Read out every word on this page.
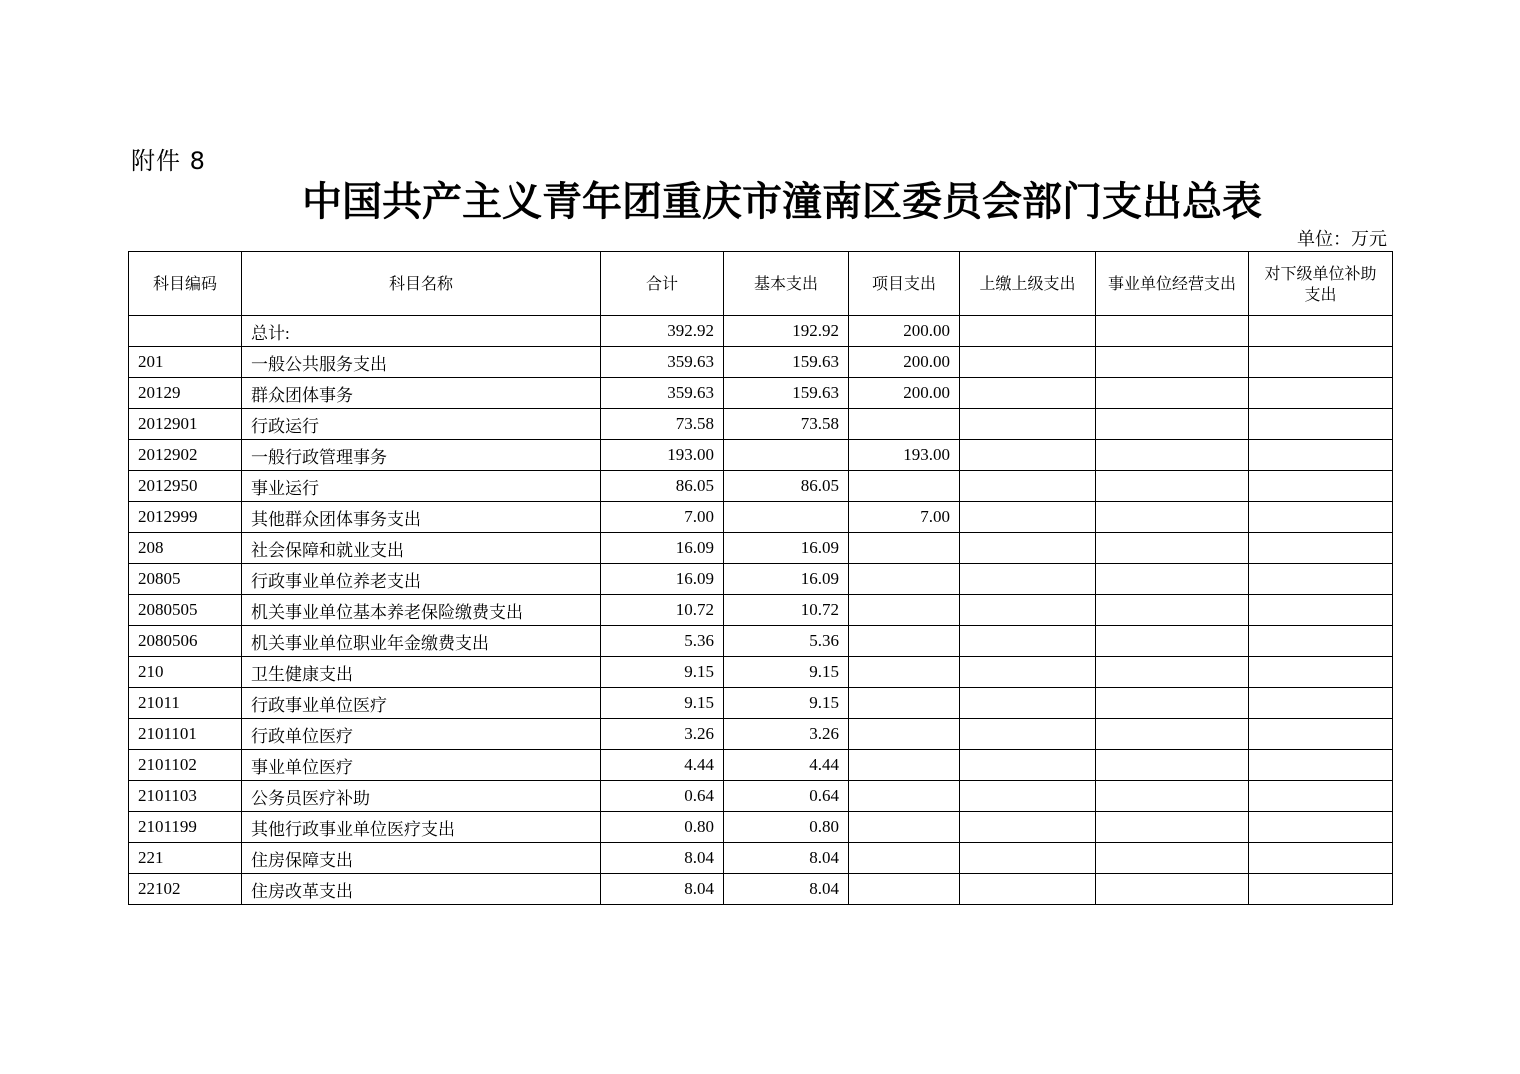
附件 8
中国共产主义青年团重庆市潼南区委员会部门支出总表
单位：万元
科目编码	科目名称	合计	基本支出	项目支出	上缴上级支出	事业单位经营支出	对下级单位补助支出
	总计:	392.92	192.92	200.00			
201	一般公共服务支出	359.63	159.63	200.00			
20129	群众团体事务	359.63	159.63	200.00			
2012901	行政运行	73.58	73.58				
2012902	一般行政管理事务	193.00		193.00			
2012950	事业运行	86.05	86.05				
2012999	其他群众团体事务支出	7.00		7.00			
208	社会保障和就业支出	16.09	16.09				
20805	行政事业单位养老支出	16.09	16.09				
2080505	机关事业单位基本养老保险缴费支出	10.72	10.72				
2080506	机关事业单位职业年金缴费支出	5.36	5.36				
210	卫生健康支出	9.15	9.15				
21011	行政事业单位医疗	9.15	9.15				
2101101	行政单位医疗	3.26	3.26				
2101102	事业单位医疗	4.44	4.44				
2101103	公务员医疗补助	0.64	0.64				
2101199	其他行政事业单位医疗支出	0.80	0.80				
221	住房保障支出	8.04	8.04				
22102	住房改革支出	8.04	8.04				
